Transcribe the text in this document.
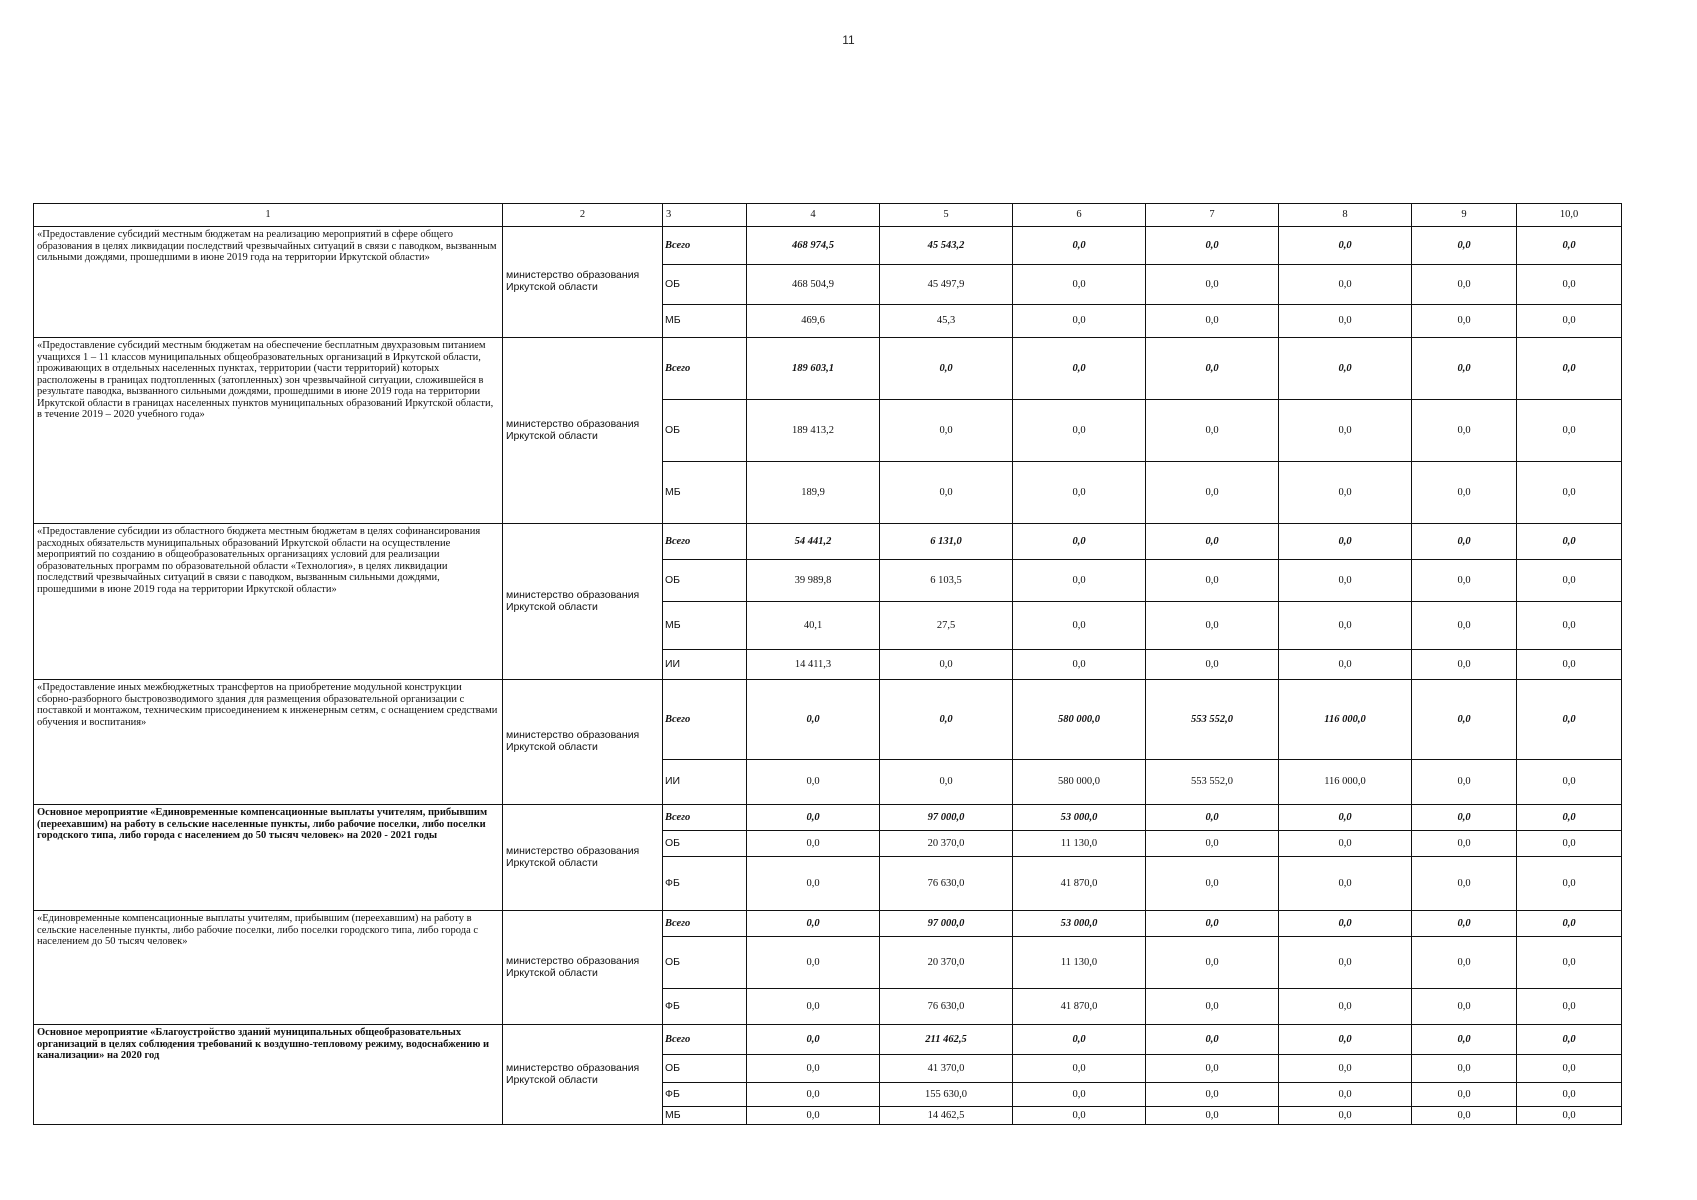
11
1	2	3	4	5	6	7	8	9	10,0
«Предоставление субсидий местным бюджетам на реализацию мероприятий в сфере общего образования в целях ликвидации последствий чрезвычайных ситуаций в связи с паводком, вызванным сильными дождями, прошедшими в июне 2019 года на территории Иркутской области»	министерство образования Иркутской области	Всего	468 974,5	45 543,2	0,0	0,0	0,0	0,0	0,0
		ОБ	468 504,9	45 497,9	0,0	0,0	0,0	0,0	0,0
		МБ	469,6	45,3	0,0	0,0	0,0	0,0	0,0
«Предоставление субсидий местным бюджетам на обеспечение бесплатным двухразовым питанием учащихся 1 – 11 классов муниципальных общеобразовательных организаций в Иркутской области, проживающих в отдельных населенных пунктах, территории (части территорий) которых расположены в границах подтопленных (затопленных) зон чрезвычайной ситуации, сложившейся в результате паводка, вызванного сильными дождями, прошедшими в июне 2019 года на территории Иркутской области в границах населенных пунктов муниципальных образований Иркутской области, в течение 2019 – 2020 учебного года»	министерство образования Иркутской области	Всего	189 603,1	0,0	0,0	0,0	0,0	0,0	0,0
		ОБ	189 413,2	0,0	0,0	0,0	0,0	0,0	0,0
		МБ	189,9	0,0	0,0	0,0	0,0	0,0	0,0
«Предоставление субсидии из областного бюджета местным бюджетам в целях софинансирования расходных обязательств муниципальных образований Иркутской области на осуществление мероприятий по созданию в общеобразовательных организациях условий для реализации образовательных программ по образовательной области «Технология», в целях ликвидации последствий чрезвычайных ситуаций в связи с паводком, вызванным сильными дождями, прошедшими в июне 2019 года на территории Иркутской области»	министерство образования Иркутской области	Всего	54 441,2	6 131,0	0,0	0,0	0,0	0,0	0,0
		ОБ	39 989,8	6 103,5	0,0	0,0	0,0	0,0	0,0
		МБ	40,1	27,5	0,0	0,0	0,0	0,0	0,0
		ИИ	14 411,3	0,0	0,0	0,0	0,0	0,0	0,0
«Предоставление иных межбюджетных трансфертов на приобретение модульной конструкции сборно-разборного быстровозводимого здания для размещения образовательной организации с поставкой и монтажом, техническим присоединением к инженерным сетям, с оснащением средствами обучения и воспитания»	министерство образования Иркутской области	Всего	0,0	0,0	580 000,0	553 552,0	116 000,0	0,0	0,0
		ИИ	0,0	0,0	580 000,0	553 552,0	116 000,0	0,0	0,0
Основное мероприятие «Единовременные компенсационные выплаты учителям, прибывшим (переехавшим) на работу в сельские населенные пункты, либо рабочие поселки, либо поселки городского типа, либо города с населением до 50 тысяч человек» на 2020 - 2021 годы	министерство образования Иркутской области	Всего	0,0	97 000,0	53 000,0	0,0	0,0	0,0	0,0
		ОБ	0,0	20 370,0	11 130,0	0,0	0,0	0,0	0,0
		ФБ	0,0	76 630,0	41 870,0	0,0	0,0	0,0	0,0
«Единовременные компенсационные выплаты учителям, прибывшим (переехавшим) на работу в сельские населенные пункты, либо рабочие поселки, либо поселки городского типа, либо города с населением до 50 тысяч человек»	министерство образования Иркутской области	Всего	0,0	97 000,0	53 000,0	0,0	0,0	0,0	0,0
		ОБ	0,0	20 370,0	11 130,0	0,0	0,0	0,0	0,0
		ФБ	0,0	76 630,0	41 870,0	0,0	0,0	0,0	0,0
Основное мероприятие «Благоустройство зданий муниципальных общеобразовательных организаций в целях соблюдения требований к воздушно-тепловому режиму, водоснабжению и канализации» на 2020 год	министерство образования Иркутской области	Всего	0,0	211 462,5	0,0	0,0	0,0	0,0	0,0
		ОБ	0,0	41 370,0	0,0	0,0	0,0	0,0	0,0
		ФБ	0,0	155 630,0	0,0	0,0	0,0	0,0	0,0
		МБ	0,0	14 462,5	0,0	0,0	0,0	0,0	0,0
